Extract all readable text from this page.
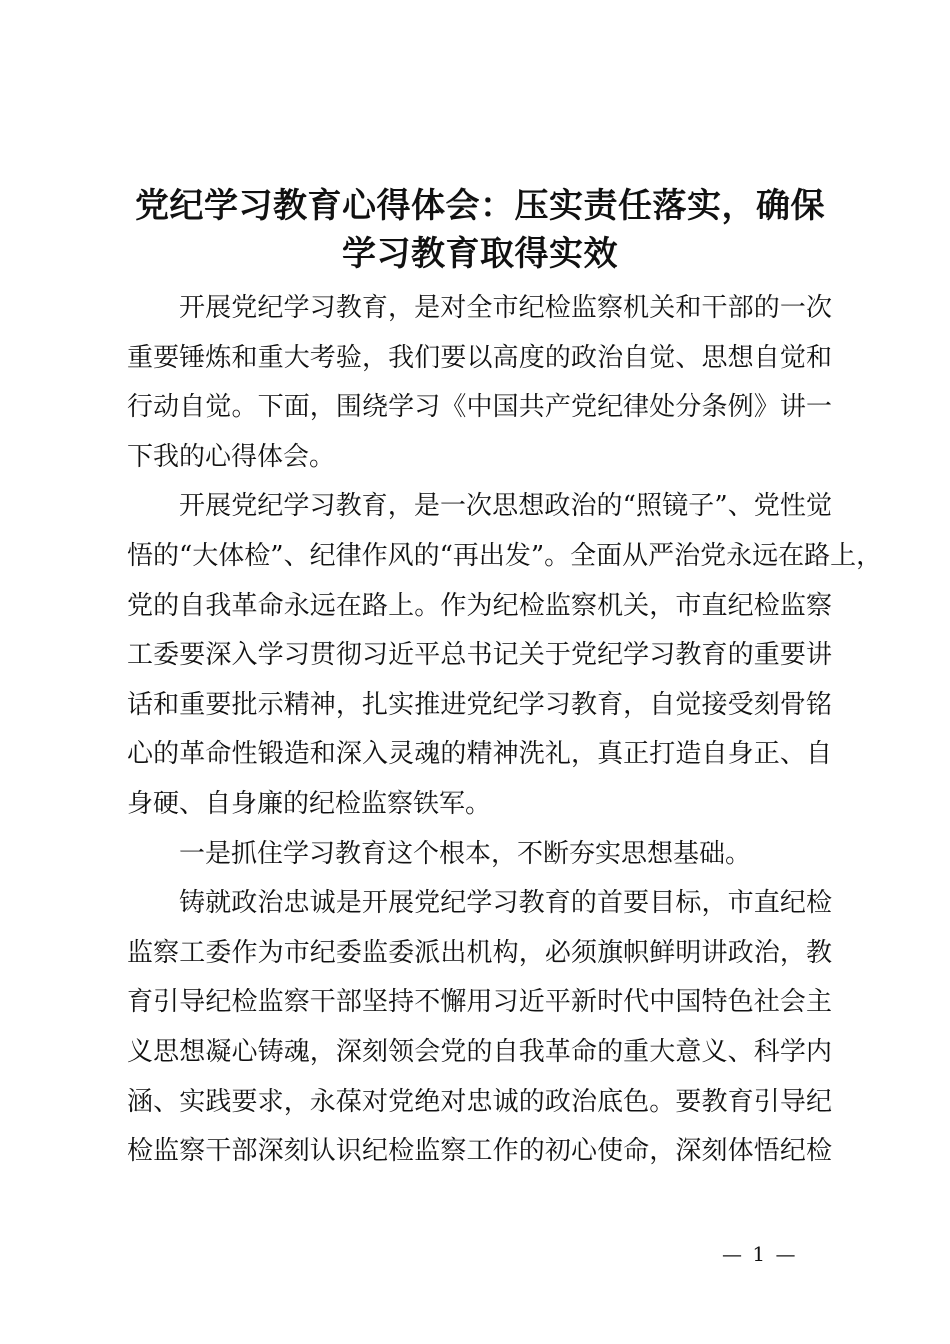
党纪学习教育心得体会：压实责任落实，确保
学习教育取得实效
开展党纪学习教育，是对全市纪检监察机关和干部的一次
重要锤炼和重大考验，我们要以高度的政治自觉、思想自觉和
行动自觉。下面，围绕学习《中国共产党纪律处分条例》讲一
下我的心得体会。
开展党纪学习教育，是一次思想政治的“照镜子”、党性觉
悟的“大体检”、纪律作风的“再出发”。全面从严治党永远在路上，
党的自我革命永远在路上。作为纪检监察机关，市直纪检监察
工委要深入学习贯彻习近平总书记关于党纪学习教育的重要讲
话和重要批示精神，扎实推进党纪学习教育，自觉接受刻骨铭
心的革命性锻造和深入灵魂的精神洗礼，真正打造自身正、自
身硬、自身廉的纪检监察铁军。
一是抓住学习教育这个根本，不断夯实思想基础。
铸就政治忠诚是开展党纪学习教育的首要目标，市直纪检
监察工委作为市纪委监委派出机构，必须旗帜鲜明讲政治，教
育引导纪检监察干部坚持不懈用习近平新时代中国特色社会主
义思想凝心铸魂，深刻领会党的自我革命的重大意义、科学内
涵、实践要求，永葆对党绝对忠诚的政治底色。要教育引导纪
检监察干部深刻认识纪检监察工作的初心使命，深刻体悟纪检
— 1 —
